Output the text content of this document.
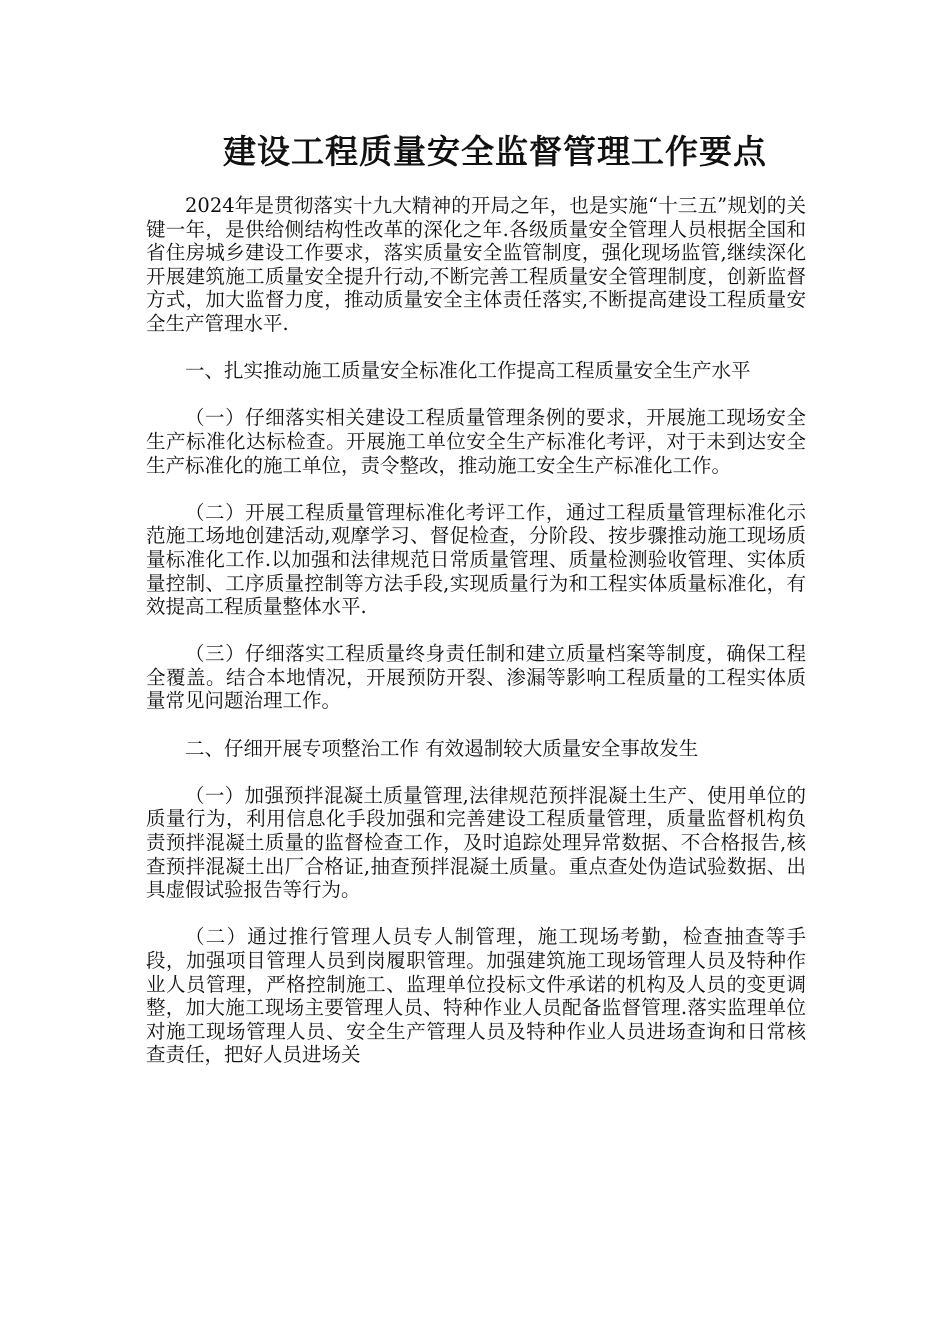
建设工程质量安全监督管理工作要点

2024年是贯彻落实十九大精神的开局之年，也是实施“十三五”规划的关键一年，是供给侧结构性改革的深化之年.各级质量安全管理人员根据全国和省住房城乡建设工作要求，落实质量安全监管制度，强化现场监管,继续深化开展建筑施工质量安全提升行动,不断完善工程质量安全管理制度，创新监督方式，加大监督力度，推动质量安全主体责任落实,不断提高建设工程质量安全生产管理水平.

一、扎实推动施工质量安全标准化工作提高工程质量安全生产水平

（一）仔细落实相关建设工程质量管理条例的要求，开展施工现场安全生产标准化达标检查。开展施工单位安全生产标准化考评，对于未到达安全生产标准化的施工单位，责令整改，推动施工安全生产标准化工作。

（二）开展工程质量管理标准化考评工作，通过工程质量管理标准化示范施工场地创建活动,观摩学习、督促检查，分阶段、按步骤推动施工现场质量标准化工作.以加强和法律规范日常质量管理、质量检测验收管理、实体质量控制、工序质量控制等方法手段,实现质量行为和工程实体质量标准化，有效提高工程质量整体水平.

（三）仔细落实工程质量终身责任制和建立质量档案等制度，确保工程全覆盖。结合本地情况，开展预防开裂、渗漏等影响工程质量的工程实体质量常见问题治理工作。

二、仔细开展专项整治工作 有效遏制较大质量安全事故发生

（一）加强预拌混凝土质量管理,法律规范预拌混凝土生产、使用单位的质量行为，利用信息化手段加强和完善建设工程质量管理，质量监督机构负责预拌混凝土质量的监督检查工作，及时追踪处理异常数据、不合格报告,核查预拌混凝土出厂合格证,抽查预拌混凝土质量。重点查处伪造试验数据、出具虚假试验报告等行为。

（二）通过推行管理人员专人制管理，施工现场考勤，检查抽查等手段，加强项目管理人员到岗履职管理。加强建筑施工现场管理人员及特种作业人员管理，严格控制施工、监理单位投标文件承诺的机构及人员的变更调整，加大施工现场主要管理人员、特种作业人员配备监督管理.落实监理单位对施工现场管理人员、安全生产管理人员及特种作业人员进场查询和日常核查责任，把好人员进场关
